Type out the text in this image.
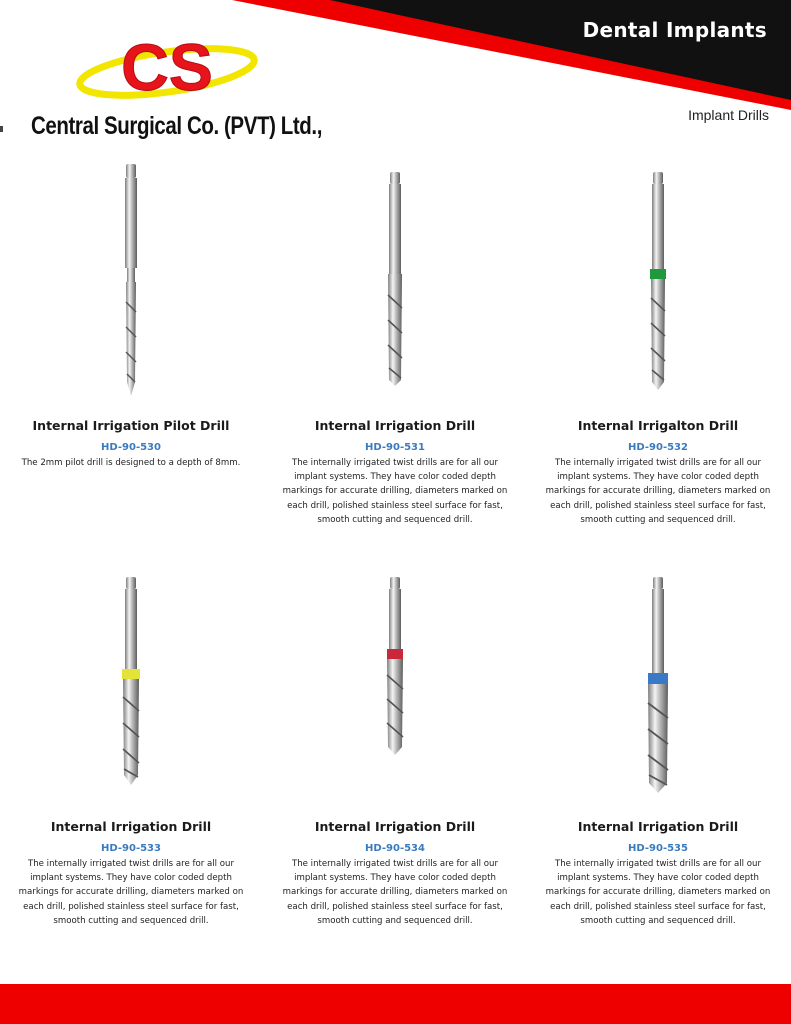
Dental Implants
Implant Drills
CS
Central Surgical Co. (PVT) Ltd.,
Internal Irrigation Pilot Drill
HD-90-530
The 2mm pilot drill is designed to a depth of 8mm.
Internal Irrigation Drill
HD-90-531
The internally irrigated twist drills are for all our implant systems. They have color coded depth markings for accurate drilling, diameters marked on each drill, polished stainless steel surface for fast, smooth cutting and sequenced drill.
Internal Irrigalton Drill
HD-90-532
The internally irrigated twist drills are for all our implant systems. They have color coded depth markings for accurate drilling, diameters marked on each drill, polished stainless steel surface for fast, smooth cutting and sequenced drill.
Internal Irrigation Drill
HD-90-533
The internally irrigated twist drills are for all our implant systems. They have color coded depth markings for accurate drilling, diameters marked on each drill, polished stainless steel surface for fast, smooth cutting and sequenced drill.
Internal Irrigation Drill
HD-90-534
The internally irrigated twist drills are for all our implant systems. They have color coded depth markings for accurate drilling, diameters marked on each drill, polished stainless steel surface for fast, smooth cutting and sequenced drill.
Internal Irrigation Drill
HD-90-535
The internally irrigated twist drills are for all our implant systems. They have color coded depth markings for accurate drilling, diameters marked on each drill, polished stainless steel surface for fast, smooth cutting and sequenced drill.
